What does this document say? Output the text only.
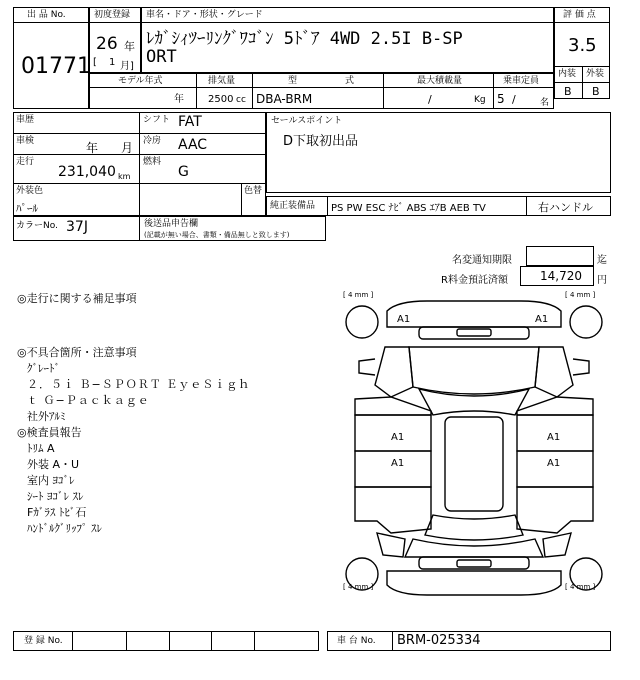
出 品 No.
01771
初度登録
26 年
[ 1 月]
車名・ドア・形状・グレード
ﾚｶﾞｼｨﾂｰﾘﾝｸﾞﾜｺﾞﾝ 5ﾄﾞｱ 4WD 2.5I B-SP
ORT
評 価 点
3.5
内装 外装
B B
モデル年式
年
排気量
2500 cc
型	式
DBA-BRM
最大積載量
/	Kg
乗車定員
5 /	名
車歴	シフト FAT
車検	年 月 冷房 AAC
走行
231,040 km
燃料
G
外装色
ﾊﾟｰﾙ
色替
セールスポイント
D下取初出品
純正装備品 PS PW ESC ﾅﾋﾞ ABS ｴｱB AEB TV	右ハンドル
カラーNo. 37J	後送品申告欄
(記載が無い場合、書類・備品無しと致します)
名変通知期限	迄
R料金預託済額	14,720 円
◎走行に関する補足事項
◎不具合箇所・注意事項
ｸﾞﾚｰﾄﾞ
２．５ｉ Ｂ−ＳＰＯＲＴ ＥｙｅＳｉｇｈ
ｔ Ｇ−Ｐａｃｋａｇｅ
社外ｱﾙﾐ
◎検査員報告
ﾄﾘﾑ A
外装 A・U
室内 ﾖｺﾞﾚ
ｼｰﾄ ﾖｺﾞﾚ ｽﾚ
Fｶﾞﾗｽ ﾄﾋﾞ石
ﾊﾝﾄﾞﾙｸﾞﾘｯﾌﾟ ｽﾚ
[ 4 mm ]	[ 4 mm ]
[ 4 mm ]	[ 4 mm ]
A1	A1
A1
A1
A1
A1
登 録 No.	車 台 No. BRM-025334
